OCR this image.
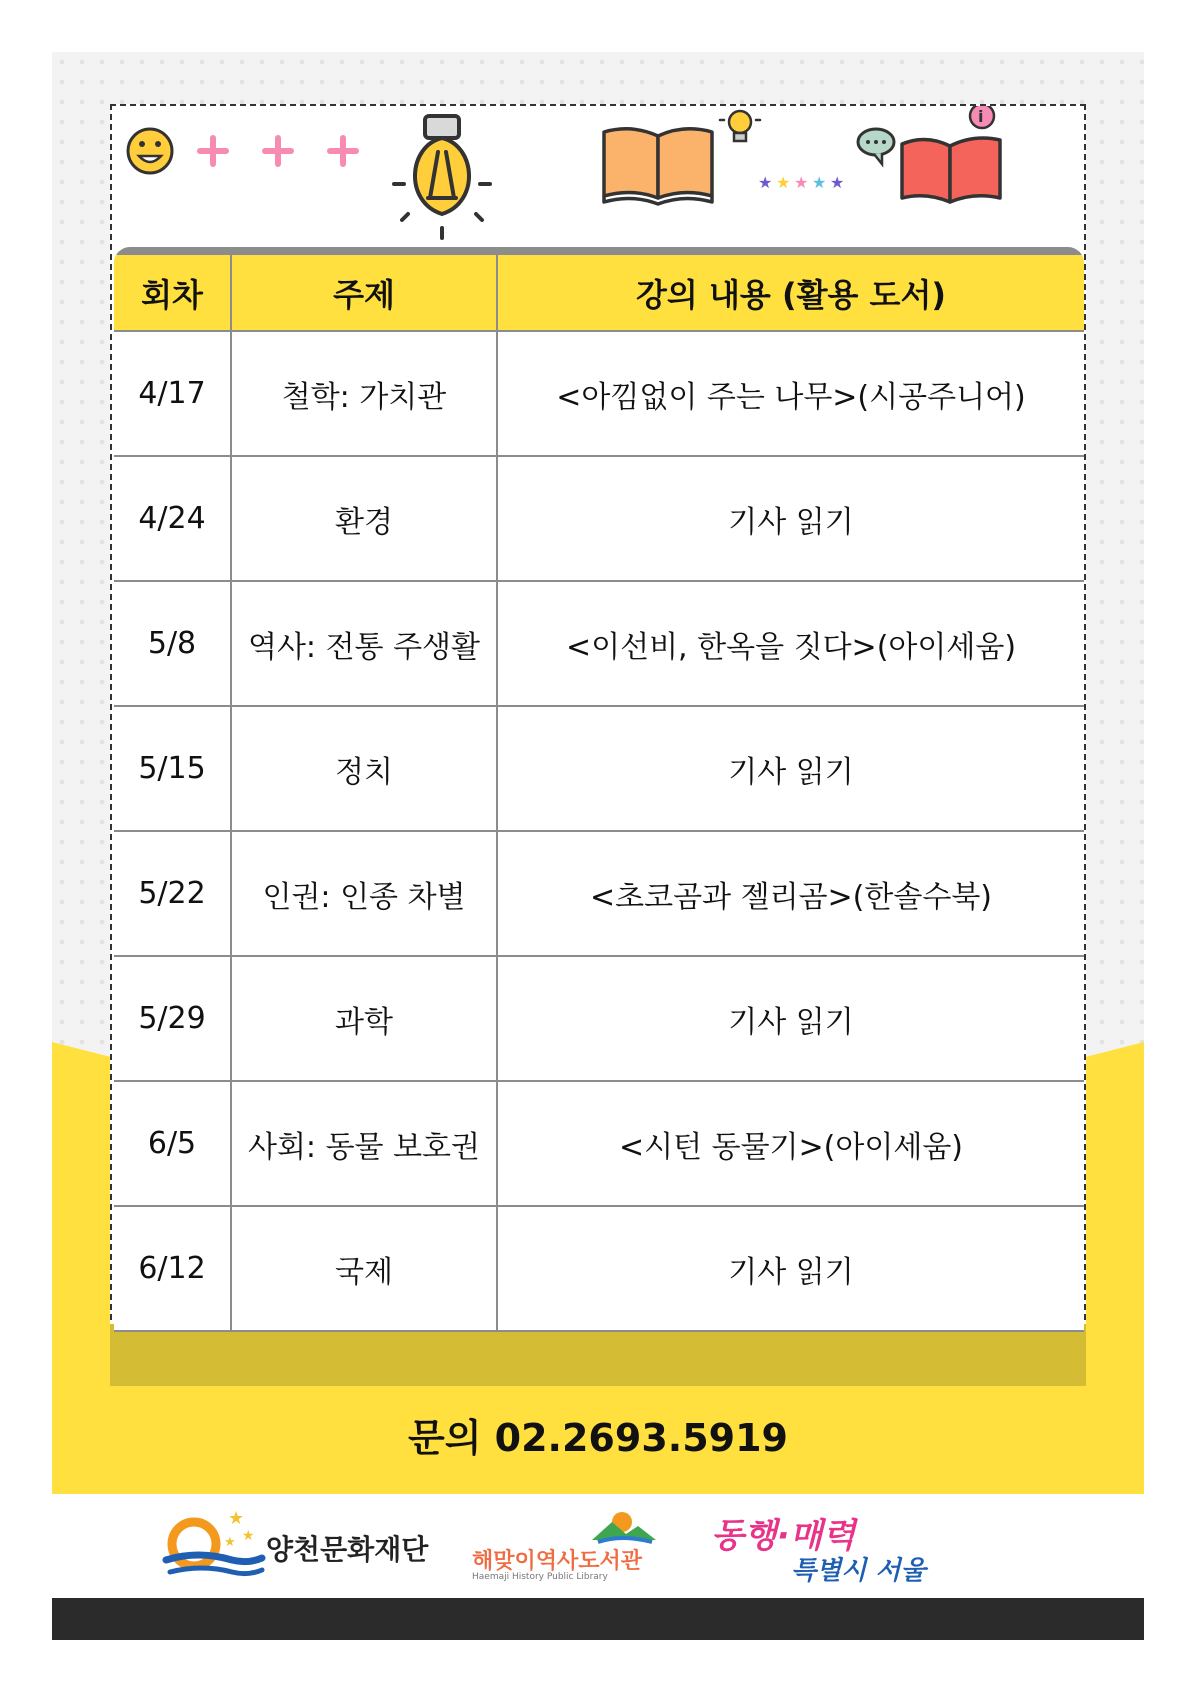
★ ★ ★ ★ ★
i
회차	주제	강의 내용 (활용 도서)
4/17	철학: 가치관	<아낌없이 주는 나무>(시공주니어)
4/24	환경	기사 읽기
5/8	역사: 전통 주생활	<이선비, 한옥을 짓다>(아이세움)
5/15	정치	기사 읽기
5/22	인권: 인종 차별	<초코곰과 젤리곰>(한솔수북)
5/29	과학	기사 읽기
6/5	사회: 동물 보호권	<시턴 동물기>(아이세움)
6/12	국제	기사 읽기
문의 02.2693.5919
★
★
★ 양천문화재단 해맞이역사도서관
Haemaji History Public Library
동행·매력
특별시 서울
